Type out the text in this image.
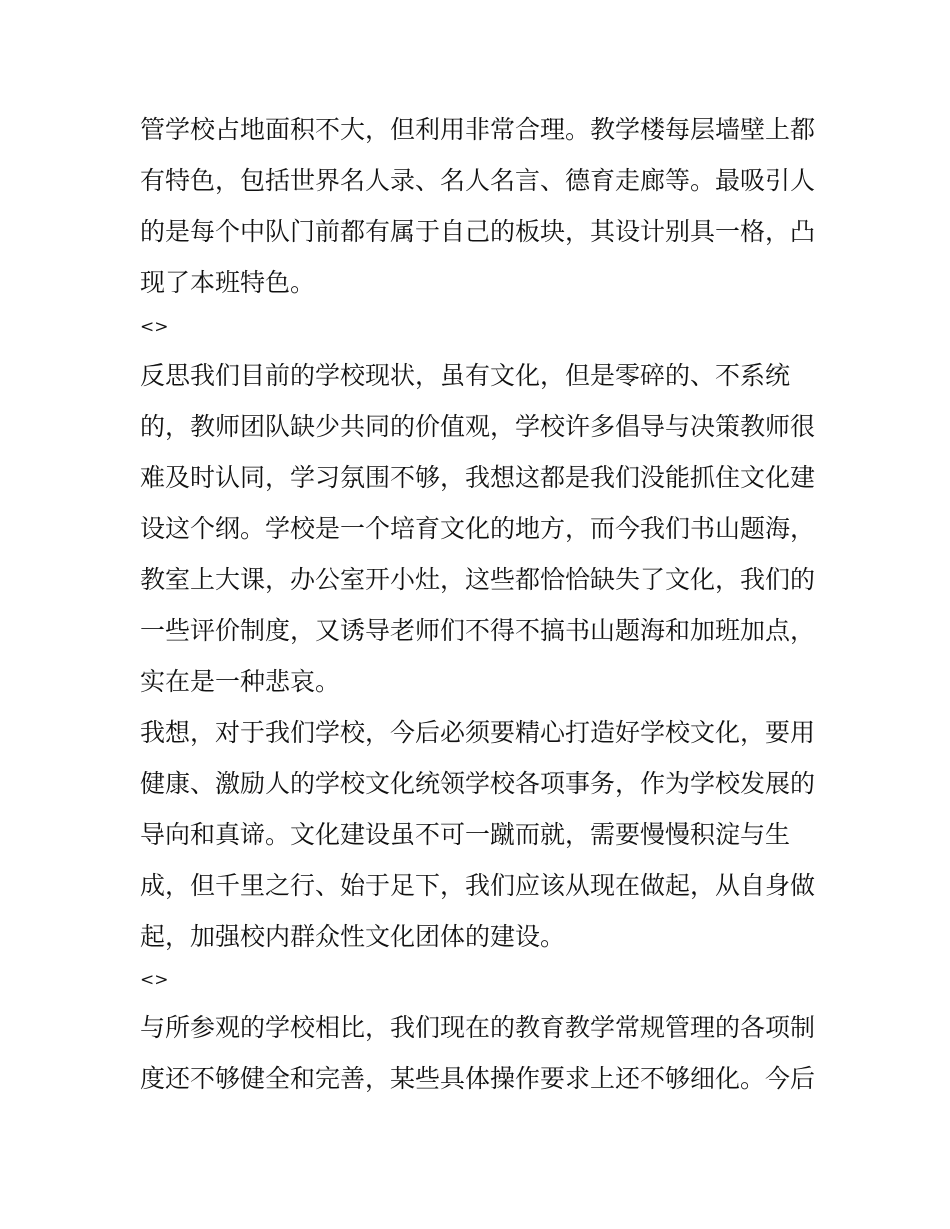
管学校占地面积不大，但利用非常合理。教学楼每层墙壁上都
有特色，包括世界名人录、名人名言、德育走廊等。最吸引人
的是每个中队门前都有属于自己的板块，其设计别具一格，凸
现了本班特色。
<>
反思我们目前的学校现状，虽有文化，但是零碎的、不系统
的，教师团队缺少共同的价值观，学校许多倡导与决策教师很
难及时认同，学习氛围不够，我想这都是我们没能抓住文化建
设这个纲。学校是一个培育文化的地方，而今我们书山题海，
教室上大课，办公室开小灶，这些都恰恰缺失了文化，我们的
一些评价制度，又诱导老师们不得不搞书山题海和加班加点，
实在是一种悲哀。
我想，对于我们学校，今后必须要精心打造好学校文化，要用
健康、激励人的学校文化统领学校各项事务，作为学校发展的
导向和真谛。文化建设虽不可一蹴而就，需要慢慢积淀与生
成，但千里之行、始于足下，我们应该从现在做起，从自身做
起，加强校内群众性文化团体的建设。
<>
与所参观的学校相比，我们现在的教育教学常规管理的各项制
度还不够健全和完善，某些具体操作要求上还不够细化。今后
